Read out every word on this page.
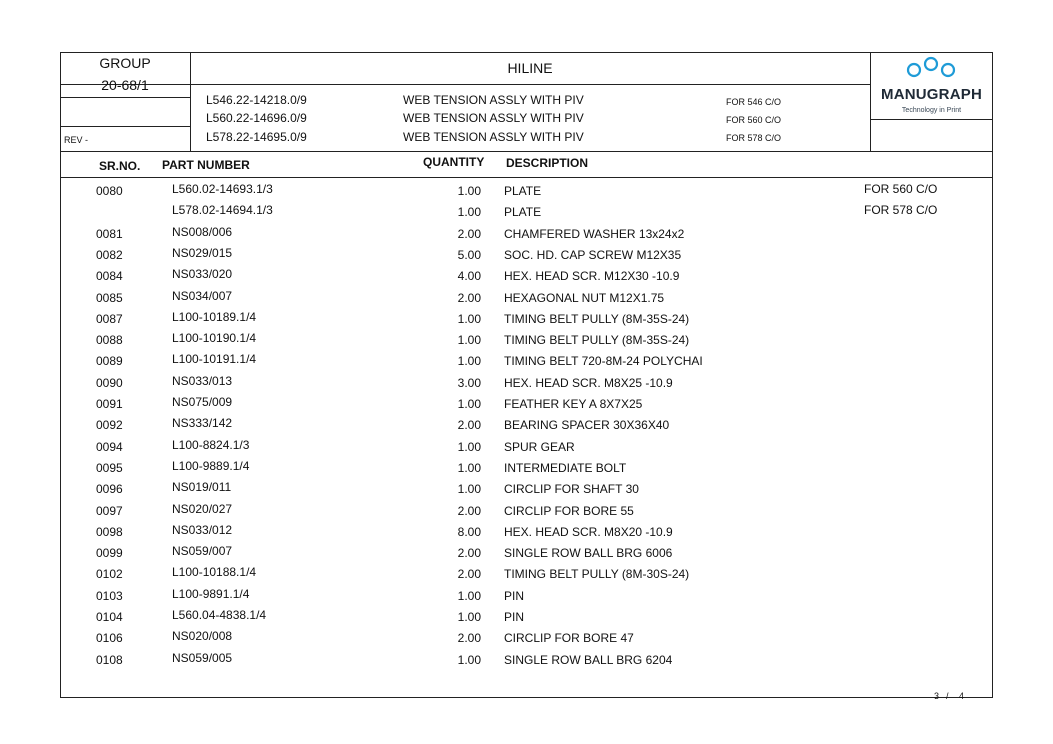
GROUP
20-68/1
REV -
HILINE
L546.22-14218.0/9	WEB TENSION ASSLY WITH PIV	FOR 546 C/O
L560.22-14696.0/9	WEB TENSION ASSLY WITH PIV	FOR 560 C/O
L578.22-14695.0/9	WEB TENSION ASSLY WITH PIV	FOR 578 C/O
MANUGRAPH
Technology in Print
SR.NO. PART NUMBER	QUANTITY DESCRIPTION
0080	L560.02-14693.1/3	1.00 PLATE	FOR 560 C/O
L578.02-14694.1/3	1.00 PLATE	FOR 578 C/O
0081	NS008/006	2.00 CHAMFERED WASHER 13x24x2
0082	NS029/015	5.00 SOC. HD. CAP SCREW M12X35
0084	NS033/020	4.00 HEX. HEAD SCR. M12X30 -10.9
0085	NS034/007	2.00 HEXAGONAL NUT M12X1.75
0087	L100-10189.1/4	1.00 TIMING BELT PULLY (8M-35S-24)
0088	L100-10190.1/4	1.00 TIMING BELT PULLY (8M-35S-24)
0089	L100-10191.1/4	1.00 TIMING BELT 720-8M-24 POLYCHAI
0090	NS033/013	3.00 HEX. HEAD SCR. M8X25 -10.9
0091	NS075/009	1.00 FEATHER KEY A 8X7X25
0092	NS333/142	2.00 BEARING SPACER 30X36X40
0094	L100-8824.1/3	1.00 SPUR GEAR
0095	L100-9889.1/4	1.00 INTERMEDIATE BOLT
0096	NS019/011	1.00 CIRCLIP FOR SHAFT 30
0097	NS020/027	2.00 CIRCLIP FOR BORE 55
0098	NS033/012	8.00 HEX. HEAD SCR. M8X20 -10.9
0099	NS059/007	2.00 SINGLE ROW BALL BRG 6006
0102	L100-10188.1/4	2.00 TIMING BELT PULLY (8M-30S-24)
0103	L100-9891.1/4	1.00 PIN
0104	L560.04-4838.1/4	1.00 PIN
0106	NS020/008	2.00 CIRCLIP FOR BORE 47
0108	NS059/005	1.00 SINGLE ROW BALL BRG 6204
3 / 4
